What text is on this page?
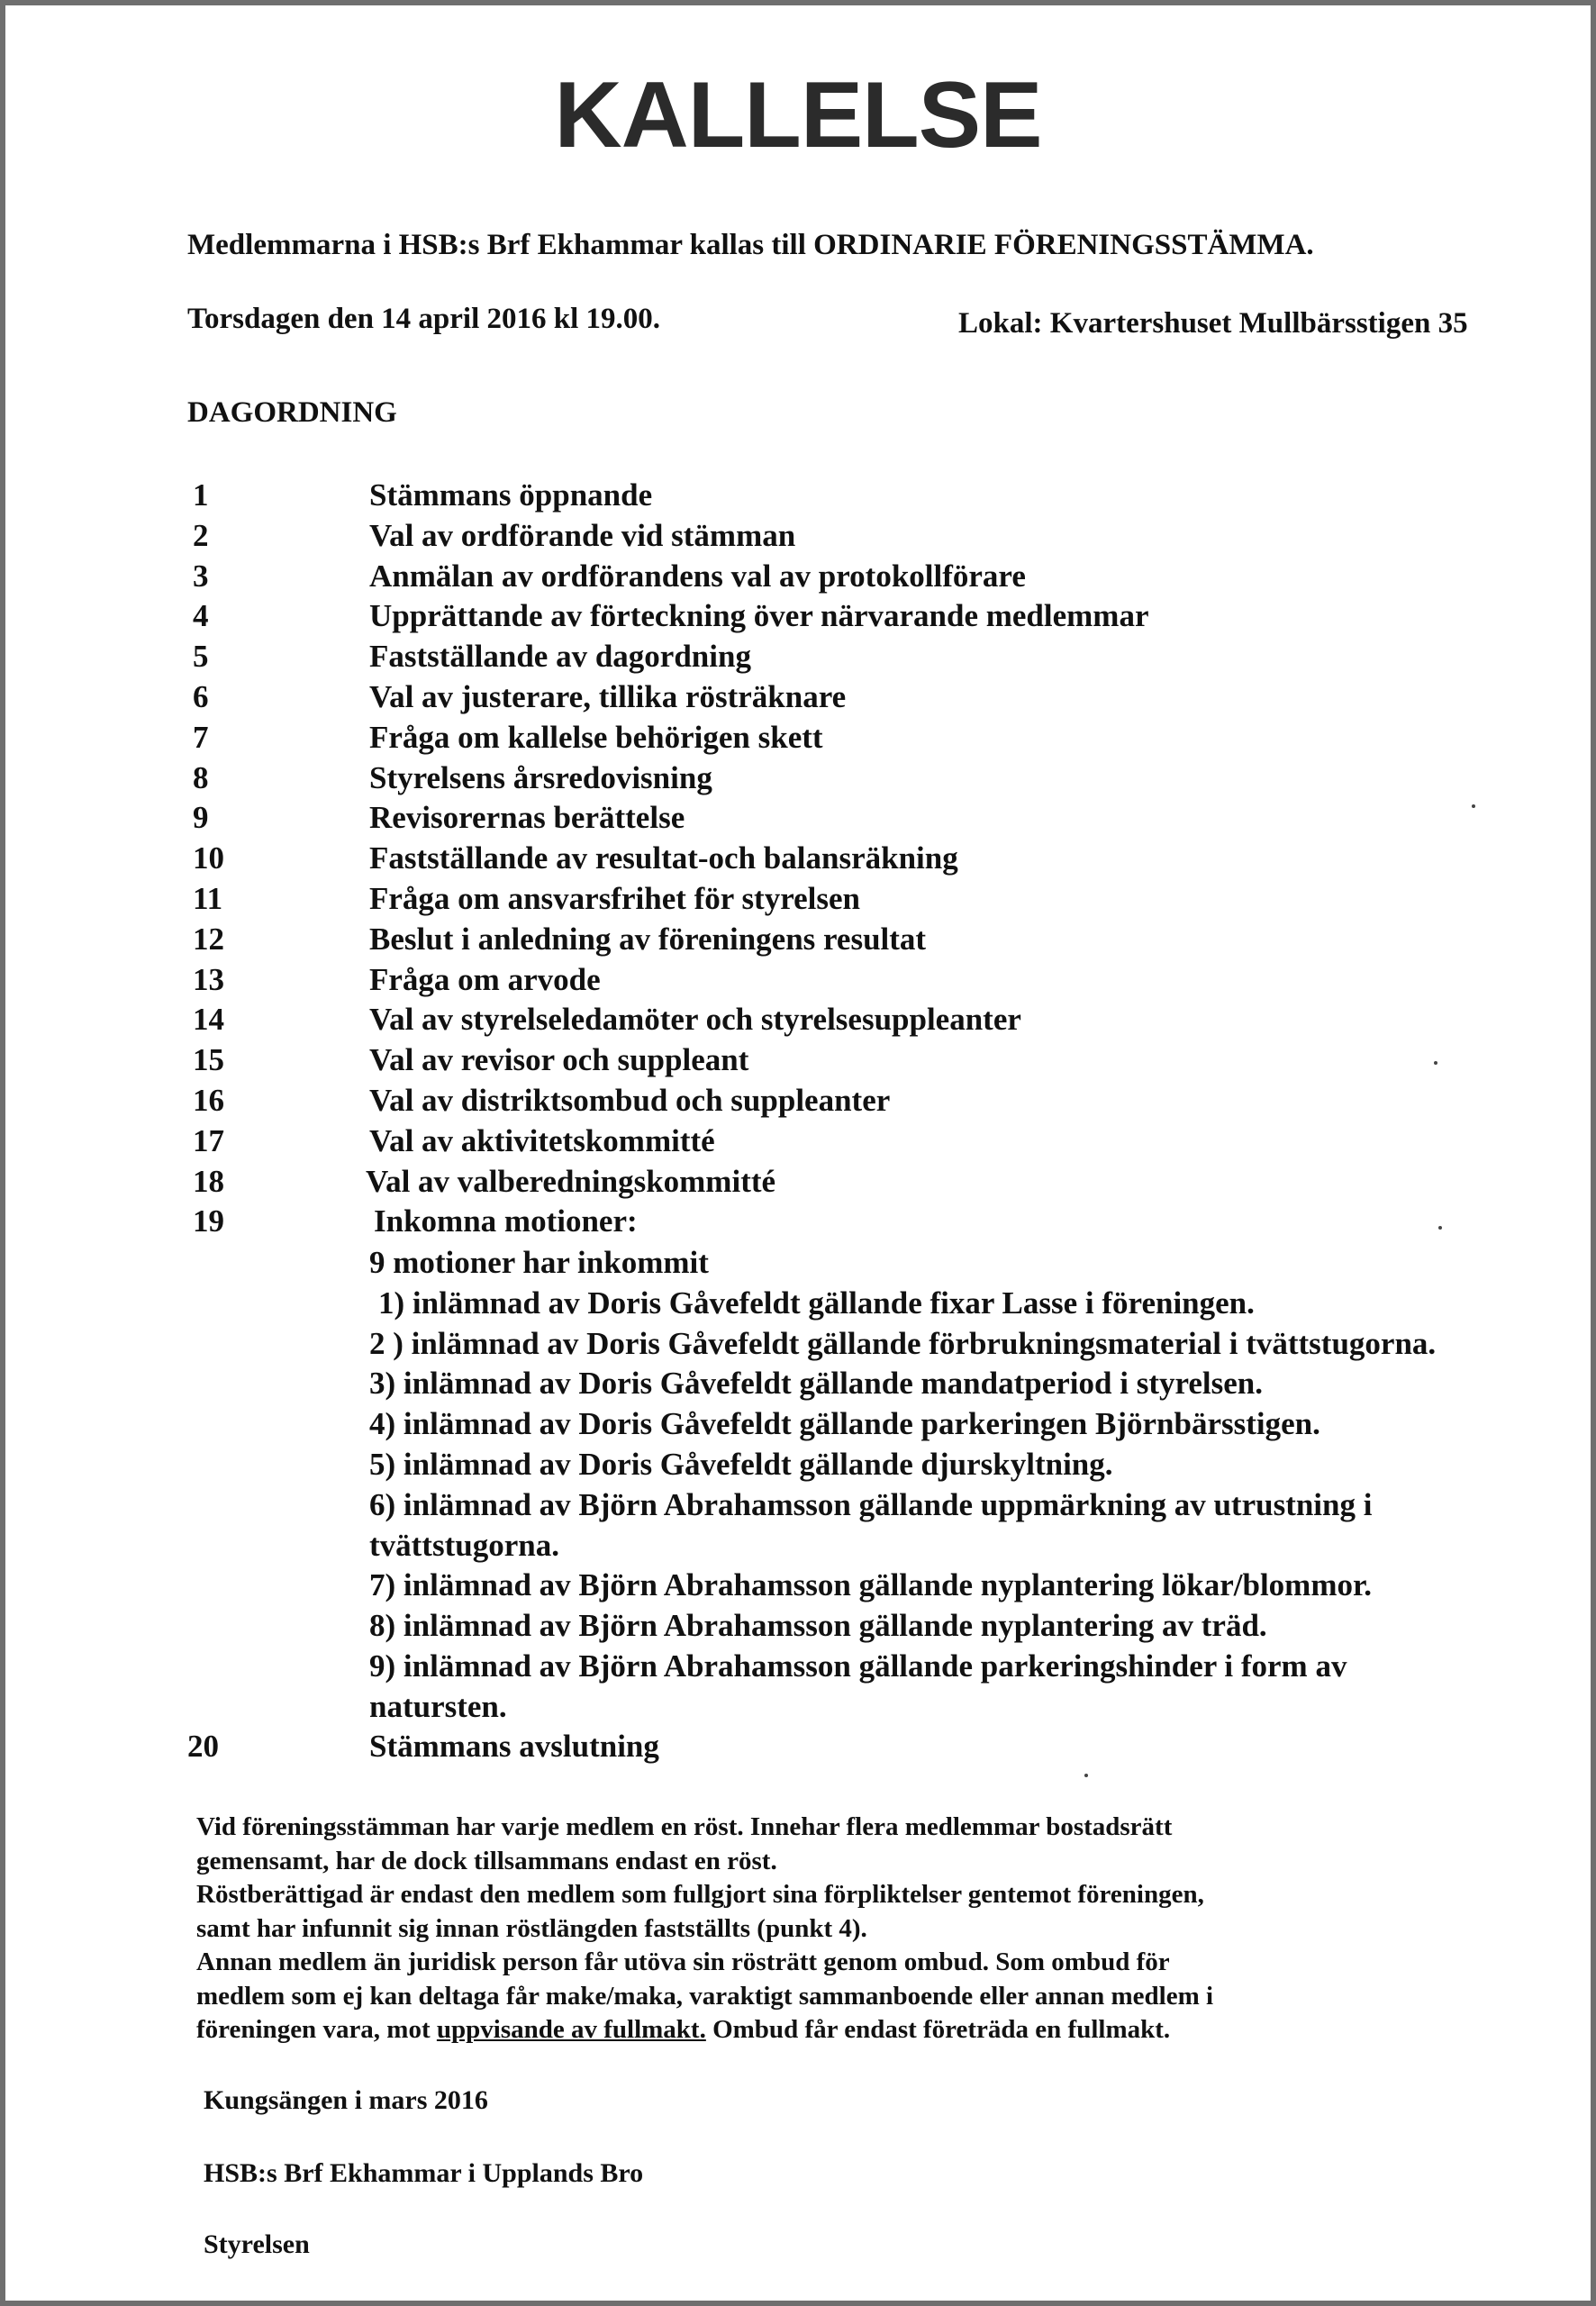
KALLELSE
Medlemmarna i HSB:s Brf Ekhammar kallas till ORDINARIE FÖRENINGSSTÄMMA.
Torsdagen den 14 april 2016 kl 19.00.	Lokal: Kvartershuset Mullbärsstigen 35
DAGORDNING
1	Stämmans öppnande
2	Val av ordförande vid stämman
3	Anmälan av ordförandens val av protokollförare
4	Upprättande av förteckning över närvarande medlemmar
5	Fastställande av dagordning
6	Val av justerare, tillika rösträknare
7	Fråga om kallelse behörigen skett
8	Styrelsens årsredovisning
9	Revisorernas berättelse
10	Fastställande av resultat-och balansräkning
11	Fråga om ansvarsfrihet för styrelsen
12	Beslut i anledning av föreningens resultat
13	Fråga om arvode
14	Val av styrelseledamöter och styrelsesuppleanter
15	Val av revisor och suppleant
16	Val av distriktsombud och suppleanter
17	Val av aktivitetskommitté
18	Val av valberedningskommitté
19	Inkomna motioner:
9 motioner har inkommit
1) inlämnad av Doris Gåvefeldt gällande fixar Lasse i föreningen.
2 ) inlämnad av Doris Gåvefeldt gällande förbrukningsmaterial i tvättstugorna.
3) inlämnad av Doris Gåvefeldt gällande mandatperiod i styrelsen.
4) inlämnad av Doris Gåvefeldt gällande parkeringen Björnbärsstigen.
5) inlämnad av Doris Gåvefeldt gällande djurskyltning.
6) inlämnad av Björn Abrahamsson gällande uppmärkning av utrustning i
tvättstugorna.
7) inlämnad av Björn Abrahamsson gällande nyplantering lökar/blommor.
8) inlämnad av Björn Abrahamsson gällande nyplantering av träd.
9) inlämnad av Björn Abrahamsson gällande parkeringshinder i form av
natursten.
20	Stämmans avslutning
Vid föreningsstämman har varje medlem en röst. Innehar flera medlemmar bostadsrätt
gemensamt, har de dock tillsammans endast en röst.
Röstberättigad är endast den medlem som fullgjort sina förpliktelser gentemot föreningen,
samt har infunnit sig innan röstlängden fastställts (punkt 4).
Annan medlem än juridisk person får utöva sin rösträtt genom ombud. Som ombud för
medlem som ej kan deltaga får make/maka, varaktigt sammanboende eller annan medlem i
föreningen vara, mot uppvisande av fullmakt. Ombud får endast företräda en fullmakt.
Kungsängen i mars 2016
HSB:s Brf Ekhammar i Upplands Bro
Styrelsen
